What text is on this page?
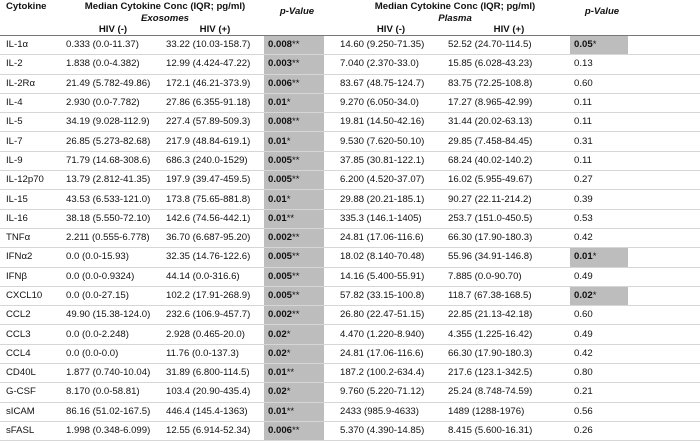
Cytokine	Median Cytokine Conc (IQR; pg/ml)		p-Value		Median Cytokine Conc (IQR; pg/ml)		p-Value	
	Exosomes				Plasma			
	HIV (-)	HIV (+)			HIV (-)	HIV (+)		
IL-1α	0.333 (0.0-11.37)	33.22 (10.03-158.7)	0.008**		14.60 (9.250-71.35)	52.52 (24.70-114.5)	0.05*	
IL-2	1.838 (0.0-4.382)	12.99 (4.424-47.22)	0.003**		7.040 (2.370-33.0)	15.85 (6.028-43.23)	0.13	
IL-2Rα	21.49 (5.782-49.86)	172.1 (46.21-373.9)	0.006**		83.67 (48.75-124.7)	83.75 (72.25-108.8)	0.60	
IL-4	2.930 (0.0-7.782)	27.86 (6.355-91.18)	0.01*		9.270 (6.050-34.0)	17.27 (8.965-42.99)	0.11	
IL-5	34.19 (9.028-112.9)	227.4 (57.89-509.3)	0.008**		19.81 (14.50-42.16)	31.44 (20.02-63.13)	0.11	
IL-7	26.85 (5.273-82.68)	217.9 (48.84-619.1)	0.01*		9.530 (7.620-50.10)	29.85 (7.458-84.45)	0.31	
IL-9	71.79 (14.68-308.6)	686.3 (240.0-1529)	0.005**		37.85 (30.81-122.1)	68.24 (40.02-140.2)	0.11	
IL-12p70	13.79 (2.812-41.35)	197.9 (39.47-459.5)	0.005**		6.200 (4.520-37.07)	16.02 (5.955-49.67)	0.27	
IL-15	43.53 (6.533-121.0)	173.8 (75.65-881.8)	0.01*		29.88 (20.21-185.1)	90.27 (22.11-214.2)	0.39	
IL-16	38.18 (5.550-72.10)	142.6 (74.56-442.1)	0.01**		335.3 (146.1-1405)	253.7 (151.0-450.5)	0.53	
TNFα	2.211 (0.555-6.778)	36.70 (6.687-95.20)	0.002**		24.81 (17.06-116.6)	66.30 (17.90-180.3)	0.42	
IFNα2	0.0 (0.0-15.93)	32.35 (14.76-122.6)	0.005**		18.02 (8.140-70.48)	55.96 (34.91-146.8)	0.01*	
IFNβ	0.0 (0.0-0.9324)	44.14 (0.0-316.6)	0.005**		14.16 (5.400-55.91)	7.885 (0.0-90.70)	0.49	
CXCL10	0.0 (0.0-27.15)	102.2 (17.91-268.9)	0.005**		57.82 (33.15-100.8)	118.7 (67.38-168.5)	0.02*	
CCL2	49.90 (15.38-124.0)	232.6 (106.9-457.7)	0.002**		26.80 (22.47-51.15)	22.85 (21.13-42.18)	0.60	
CCL3	0.0 (0.0-2.248)	2.928 (0.465-20.0)	0.02*		4.470 (1.220-8.940)	4.355 (1.225-16.42)	0.49	
CCL4	0.0 (0.0-0.0)	11.76 (0.0-137.3)	0.02*		24.81 (17.06-116.6)	66.30 (17.90-180.3)	0.42	
CD40L	1.877 (0.740-10.04)	31.89 (6.800-114.5)	0.01**		187.2 (100.2-634.4)	217.6 (123.1-342.5)	0.80	
G-CSF	8.170 (0.0-58.81)	103.4 (20.90-435.4)	0.02*		9.760 (5.220-71.12)	25.24 (8.748-74.59)	0.21	
sICAM	86.16 (51.02-167.5)	446.4 (145.4-1363)	0.01**		2433 (985.9-4633)	1489 (1288-1976)	0.56	
sFASL	1.998 (0.348-6.099)	12.55 (6.914-52.34)	0.006**		5.370 (4.390-14.85)	8.415 (5.600-16.31)	0.26	
